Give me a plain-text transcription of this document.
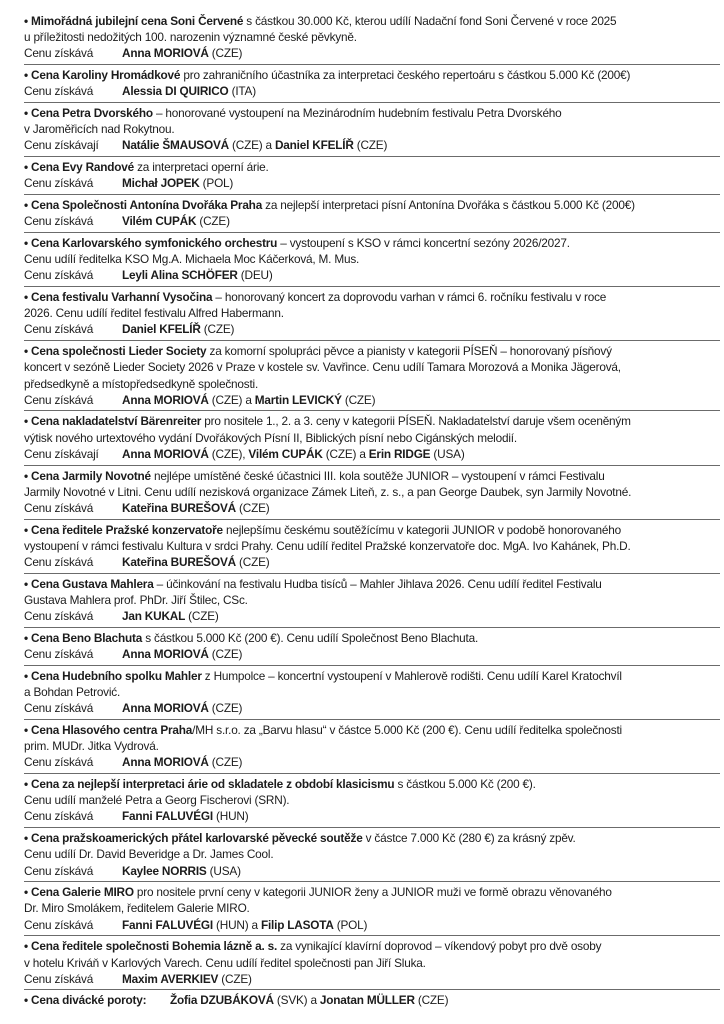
• Mimořádná jubilejní cena Soni Červené s částkou 30.000 Kč, kterou udílí Nadační fond Soni Červené v roce 2025
u příležitosti nedožitých 100. narozenin významné české pěvkyně.

Cenu získává Anna MORIOVÁ (CZE)

• Cena Karoliny Hromádkové pro zahraničního účastníka za interpretaci českého repertoáru s částkou 5.000 Kč (200€)

Cenu získává Alessia DI QUIRICO (ITA)

• Cena Petra Dvorského – honorované vystoupení na Mezinárodním hudebním festivalu Petra Dvorského
v Jaroměřicích nad Rokytnou.

Cenu získávají Natálie ŠMAUSOVÁ (CZE) a Daniel KFELÍŘ (CZE)

• Cena Evy Randové za interpretaci operní árie.

Cenu získává Michał JOPEK (POL)

• Cena Společnosti Antonína Dvořáka Praha za nejlepší interpretaci písní Antonína Dvořáka s částkou 5.000 Kč (200€)

Cenu získává Vilém CUPÁK (CZE)

• Cena Karlovarského symfonického orchestru – vystoupení s KSO v rámci koncertní sezóny 2026/2027.
Cenu udílí ředitelka KSO Mg.A. Michaela Moc Káčerková, M. Mus.

Cenu získává Leyli Alina SCHÖFER (DEU)

• Cena festivalu Varhanní Vysočina – honorovaný koncert za doprovodu varhan v rámci 6. ročníku festivalu v roce
2026. Cenu udílí ředitel festivalu Alfred Habermann.

Cenu získává Daniel KFELÍŘ (CZE)

• Cena společnosti Lieder Society za komorní spolupráci pěvce a pianisty v kategorii PÍSEŇ – honorovaný písňový
koncert v sezóně Lieder Society 2026 v Praze v kostele sv. Vavřince. Cenu udílí Tamara Morozová a Monika Jägerová,
předsedkyně a místopředsedkyně společnosti.

Cenu získává Anna MORIOVÁ (CZE) a Martin LEVICKÝ (CZE)

• Cena nakladatelství Bärenreiter pro nositele 1., 2. a 3. ceny v kategorii PÍSEŇ. Nakladatelství daruje všem oceněným
výtisk nového urtextového vydání Dvořákových Písní II, Biblických písní nebo Cigánských melodií.

Cenu získávají Anna MORIOVÁ (CZE), Vilém CUPÁK (CZE) a Erin RIDGE (USA)

• Cena Jarmily Novotné nejlépe umístěné české účastnici III. kola soutěže JUNIOR – vystoupení v rámci Festivalu
Jarmily Novotné v Litni. Cenu udílí nezisková organizace Zámek Liteň, z. s., a pan George Daubek, syn Jarmily Novotné.

Cenu získává Kateřina BUREŠOVÁ (CZE)

• Cena ředitele Pražské konzervatoře nejlepšímu českému soutěžícímu v kategorii JUNIOR v podobě honorovaného
vystoupení v rámci festivalu Kultura v srdci Prahy. Cenu udílí ředitel Pražské konzervatoře doc. MgA. Ivo Kahánek, Ph.D.

Cenu získává Kateřina BUREŠOVÁ (CZE)

• Cena Gustava Mahlera – účinkování na festivalu Hudba tisíců – Mahler Jihlava 2026. Cenu udílí ředitel Festivalu
Gustava Mahlera prof. PhDr. Jiří Štilec, CSc.

Cenu získává Jan KUKAL (CZE)

• Cena Beno Blachuta s částkou 5.000 Kč (200 €). Cenu udílí Společnost Beno Blachuta.

Cenu získává Anna MORIOVÁ (CZE)

• Cena Hudebního spolku Mahler z Humpolce – koncertní vystoupení v Mahlerově rodišti. Cenu udílí Karel Kratochvíl
a Bohdan Petrović.

Cenu získává Anna MORIOVÁ (CZE)

• Cena Hlasového centra Praha/MH s.r.o. za „Barvu hlasu“ v částce 5.000 Kč (200 €). Cenu udílí ředitelka společnosti
prim. MUDr. Jitka Vydrová.

Cenu získává Anna MORIOVÁ (CZE)

• Cena za nejlepší interpretaci árie od skladatele z období klasicismu s částkou 5.000 Kč (200 €).
Cenu udílí manželé Petra a Georg Fischerovi (SRN).

Cenu získává Fanni FALUVÉGI (HUN)

• Cena pražskoamerických přátel karlovarské pěvecké soutěže v částce 7.000 Kč (280 €) za krásný zpěv.
Cenu udílí Dr. David Beveridge a Dr. James Cool.

Cenu získává Kaylee NORRIS (USA)

• Cena Galerie MIRO pro nositele první ceny v kategorii JUNIOR ženy a JUNIOR muži ve formě obrazu věnovaného
Dr. Miro Smolákem, ředitelem Galerie MIRO.

Cenu získává Fanni FALUVÉGI (HUN) a Filip LASOTA (POL)

• Cena ředitele společnosti Bohemia lázně a. s. za vynikající klavírní doprovod – víkendový pobyt pro dvě osoby
v hotelu Kriváň v Karlových Varech. Cenu udílí ředitel společnosti pan Jiří Sluka.

Cenu získává Maxim AVERKIEV (CZE)

• Cena divácké poroty: Žofia DZUBÁKOVÁ (SVK) a Jonatan MÜLLER (CZE)
